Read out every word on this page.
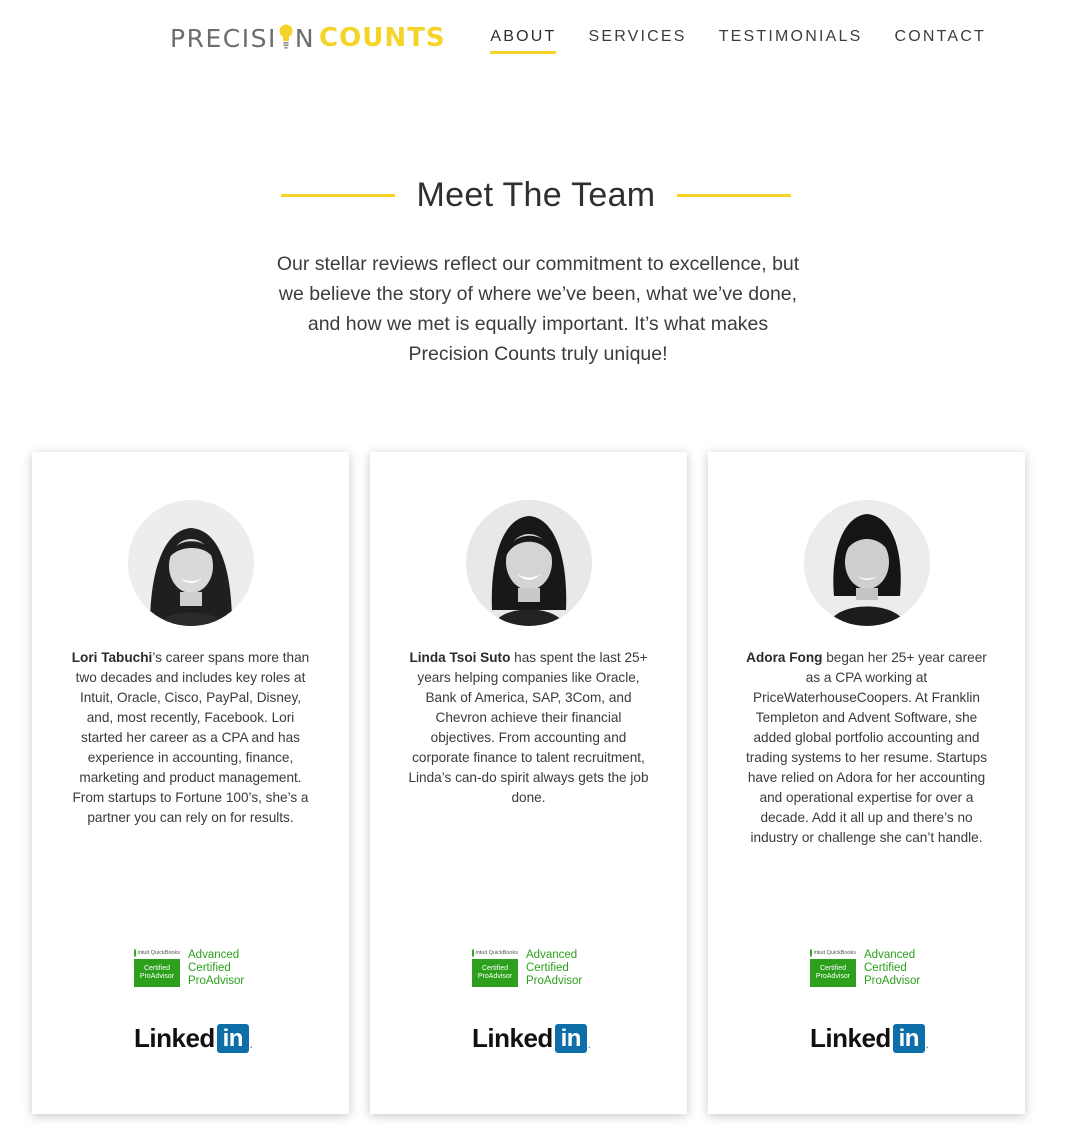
PRECISI N COUNTS	ABOUT SERVICES TESTIMONIALS CONTACT
Meet The Team

Our stellar reviews reflect our commitment to excellence, but we believe the story of where we’ve been, what we’ve done, and how we met is equally important. It’s what makes Precision Counts truly unique!

Lori Tabuchi’s career spans more than two decades and includes key roles at Intuit, Oracle, Cisco, PayPal, Disney, and, most recently, Facebook. Lori started her career as a CPA and has experience in accounting, finance, marketing and product management. From startups to Fortune 100’s, she’s a partner you can rely on for results.

intuit QuickBooks
Certified
ProAdvisor
Advanced
Certified
ProAdvisor
Linked in .

Linda Tsoi Suto has spent the last 25+ years helping companies like Oracle, Bank of America, SAP, 3Com, and Chevron achieve their financial objectives. From accounting and corporate finance to talent recruitment, Linda’s can-do spirit always gets the job done.

intuit QuickBooks
Certified
ProAdvisor
Advanced
Certified
ProAdvisor
Linked in .

Adora Fong began her 25+ year career as a CPA working at PriceWaterhouseCoopers. At Franklin Templeton and Advent Software, she added global portfolio accounting and trading systems to her resume. Startups have relied on Adora for her accounting and operational expertise for over a decade. Add it all up and there’s no industry or challenge she can’t handle.

intuit QuickBooks
Certified
ProAdvisor
Advanced
Certified
ProAdvisor
Linked in .
